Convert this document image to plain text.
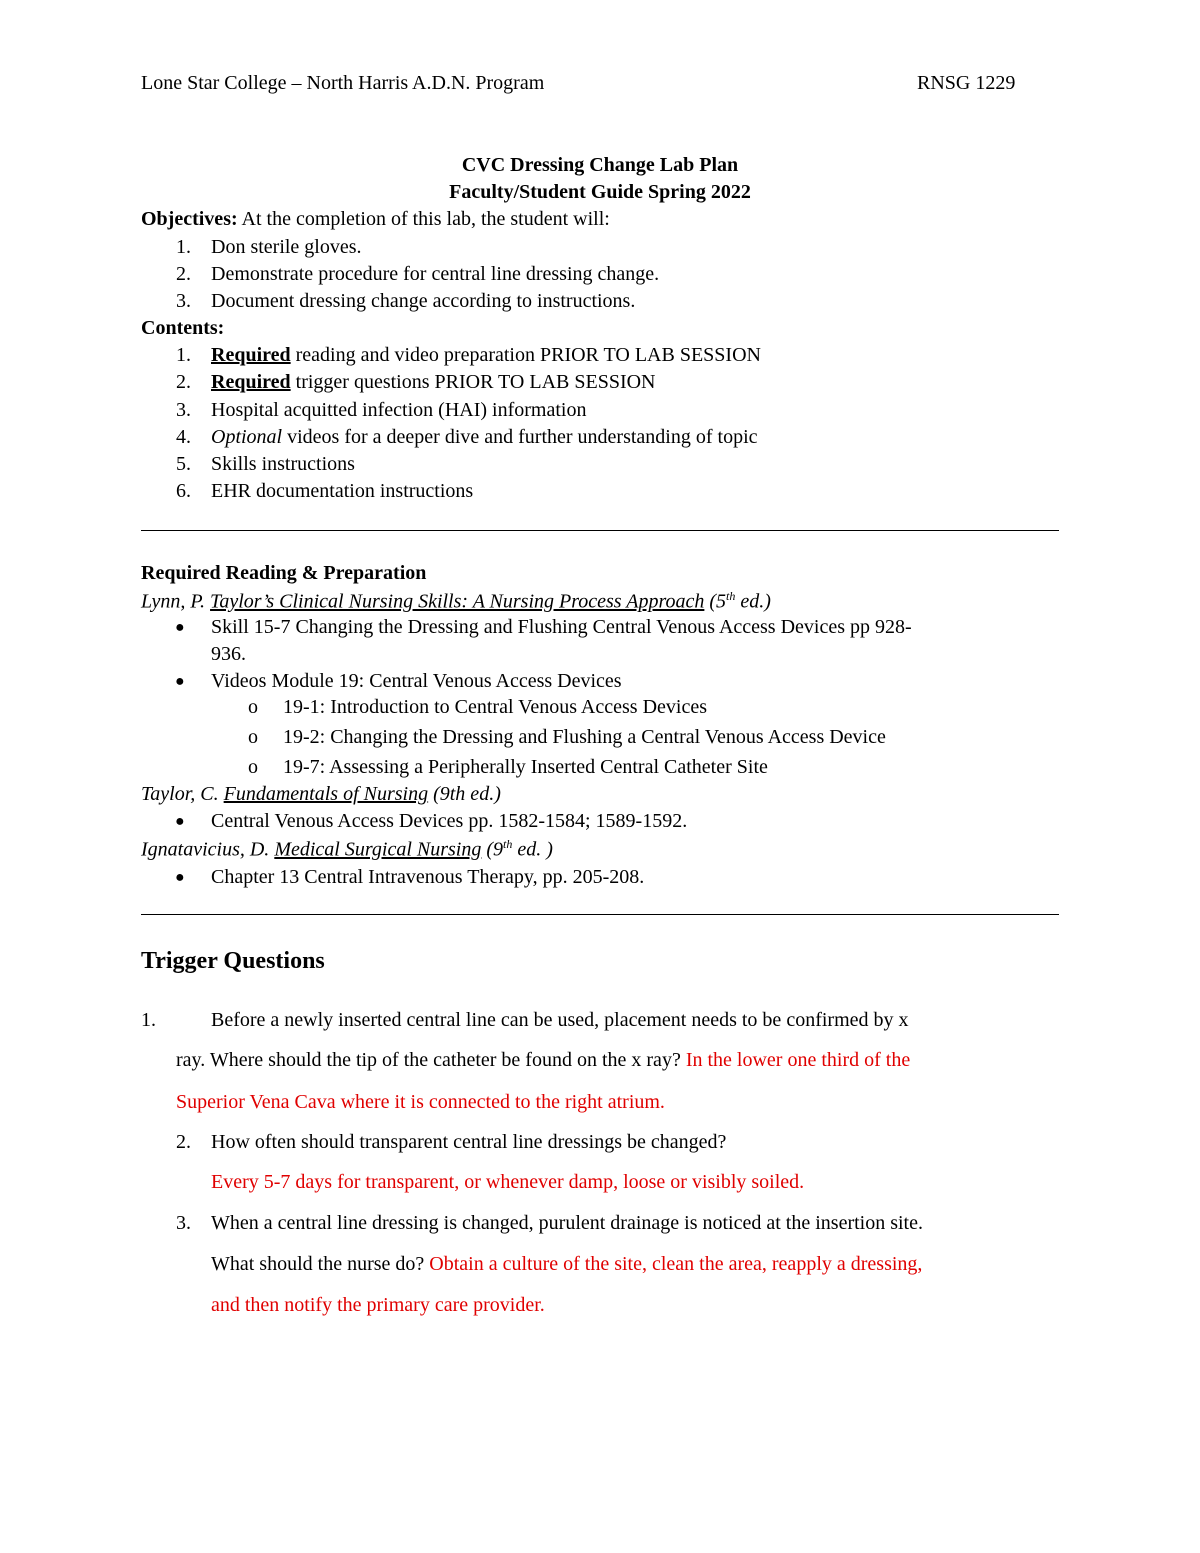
Lone Star College – North Harris A.D.N. Program	RNSG 1229
CVC Dressing Change Lab Plan
Faculty/Student Guide Spring 2022
Objectives: At the completion of this lab, the student will:
1. Don sterile gloves.
2. Demonstrate procedure for central line dressing change.
3. Document dressing change according to instructions.
Contents:
1. Required reading and video preparation PRIOR TO LAB SESSION
2. Required trigger questions PRIOR TO LAB SESSION
3. Hospital acquitted infection (HAI) information
4. Optional videos for a deeper dive and further understanding of topic
5. Skills instructions
6. EHR documentation instructions
Required Reading & Preparation
Lynn, P. Taylor’s Clinical Nursing Skills: A Nursing Process Approach (5th ed.)
● Skill 15-7 Changing the Dressing and Flushing Central Venous Access Devices pp 928-
936.
● Videos Module 19: Central Venous Access Devices
o 19-1: Introduction to Central Venous Access Devices
o 19-2: Changing the Dressing and Flushing a Central Venous Access Device
o 19-7: Assessing a Peripherally Inserted Central Catheter Site
Taylor, C. Fundamentals of Nursing (9th ed.)
● Central Venous Access Devices pp. 1582-1584; 1589-1592.
Ignatavicius, D. Medical Surgical Nursing (9th ed. )
● Chapter 13 Central Intravenous Therapy, pp. 205-208.
Trigger Questions
1.	Before a newly inserted central line can be used, placement needs to be confirmed by x
ray. Where should the tip of the catheter be found on the x ray? In the lower one third of the
Superior Vena Cava where it is connected to the right atrium.
2. How often should transparent central line dressings be changed?
Every 5-7 days for transparent, or whenever damp, loose or visibly soiled.
3. When a central line dressing is changed, purulent drainage is noticed at the insertion site.
What should the nurse do? Obtain a culture of the site, clean the area, reapply a dressing,
and then notify the primary care provider.
